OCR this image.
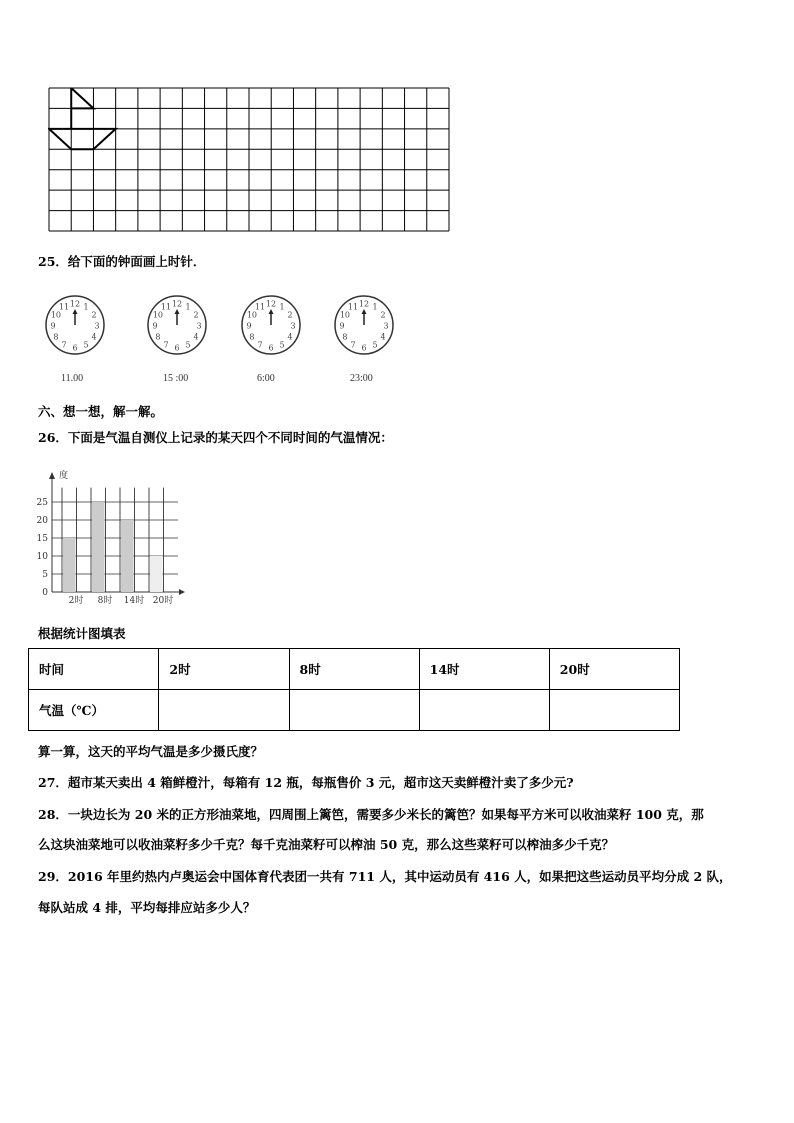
25．给下面的钟面画上时针．
12 1
2
3
4
5
6
7
8
9
10
11
11.00
12 1
2
3
4
5
6
7
8
9
10
11
15 :00
12 1
2
3
4
5
6
7
8
9
10
11
6:00
12 1
2
3
4
5
6
7
8
9
10
11
23:00
六、想一想，解一解。
26．下面是气温自测仪上记录的某天四个不同时间的气温情况：
度
0
5
10
15
20
25
2时 8时 14时 20时
根据统计图填表
时间	2时	8时	14时	20时
气温（℃）				
算一算，这天的平均气温是多少摄氏度？
27．超市某天卖出 4 箱鲜橙汁，每箱有 12 瓶，每瓶售价 3 元，超市这天卖鲜橙汁卖了多少元?
28．一块边长为 20 米的正方形油菜地，四周围上篱笆，需要多少米长的篱笆？如果每平方米可以收油菜籽 100 克，那
么这块油菜地可以收油菜籽多少千克？每千克油菜籽可以榨油 50 克，那么这些菜籽可以榨油多少千克？
29．2016 年里约热内卢奥运会中国体育代表团一共有 711 人，其中运动员有 416 人，如果把这些运动员平均分成 2 队，
每队站成 4 排，平均每排应站多少人？
